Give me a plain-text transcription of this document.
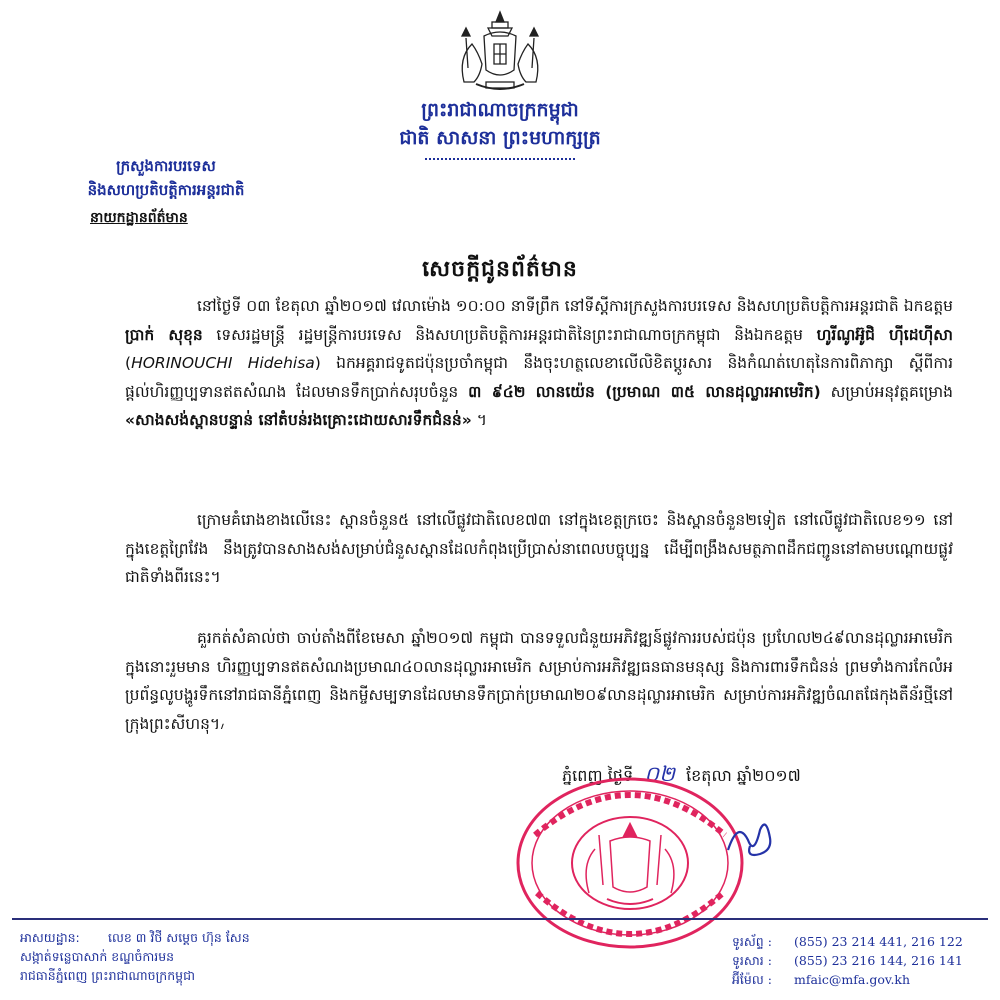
ព្រះរាជាណាចក្រកម្ពុជា
ជាតិ សាសនា ព្រះមហាក្សត្រ
ក្រសួងការបរទេស
និងសហប្រតិបត្តិការអន្តរជាតិ
នាយកដ្ឋានព័ត៌មាន
សេចក្ដីជូនព័ត៌មាន
នៅថ្ងៃទី ០៣ ខែតុលា ឆ្នាំ២០១៧ វេលាម៉ោង ១០:០០ នាទីព្រឹក នៅទីស្ដីការក្រសួងការបរទេស និងសហប្រតិបត្តិការអន្តរជាតិ ឯកឧត្តម ប្រាក់ សុខុន ទេសរដ្ឋមន្ត្រី រដ្ឋមន្ត្រីការបរទេស និងសហប្រតិបត្តិការអន្តរជាតិនៃព្រះរាជាណាចក្រកម្ពុជា និងឯកឧត្តម ហូរីណូអ៊ូជិ ហ៊ីដេហ៊ីសា (HORINOUCHI Hidehisa) ឯកអគ្គរាជទូតជប៉ុនប្រចាំកម្ពុជា នឹងចុះហត្ថលេខាលើលិខិតប្ដូរសារ និងកំណត់ហេតុនៃការពិភាក្សា ស្ដីពីការផ្ដល់ហិរញ្ញប្បទានឥតសំណង ដែលមានទឹកប្រាក់សរុបចំនួន ៣ ៩៤២ លានយ៉េន (ប្រមាណ ៣៥ លានដុល្លារអាមេរិក) សម្រាប់អនុវត្តគម្រោង «សាងសង់ស្ពានបន្ទាន់ នៅតំបន់រងគ្រោះដោយសារទឹកជំនន់» ។
ក្រោមគំរោងខាងលើនេះ ស្ពានចំនួន៥ នៅលើផ្លូវជាតិលេខ៧៣ នៅក្នុងខេត្តក្រចេះ និងស្ពានចំនួន២ទៀត នៅលើផ្លូវជាតិលេខ១១ នៅក្នុងខេត្តព្រៃវែង នឹងត្រូវបានសាងសង់សម្រាប់ជំនួសស្ពានដែលកំពុងប្រើប្រាស់នាពេលបច្ចុប្បន្ន ដើម្បីពង្រឹងសមត្ថភាពដឹកជញ្ជូននៅតាមបណ្ដោយផ្លូវជាតិទាំងពីរនេះ។
គួរកត់សំគាល់ថា ចាប់តាំងពីខែមេសា ឆ្នាំ២០១៧ កម្ពុជា បានទទួលជំនួយអភិវឌ្ឍន៍ផ្លូវការរបស់ជប៉ុន ប្រហែល២៤៩លានដុល្លារអាមេរិក ក្នុងនោះរួមមាន ហិរញ្ញប្បទានឥតសំណងប្រមាណ៤០លានដុល្លារអាមេរិក សម្រាប់ការអភិវឌ្ឍធនធានមនុស្ស និងការពារទឹកជំនន់ ព្រមទាំងការកែលំអប្រព័ន្ធលូបង្ហូរទឹកនៅរាជធានីភ្នំពេញ និងកម្ចីសម្បទានដែលមានទឹកប្រាក់ប្រមាណ២០៩លានដុល្លារអាមេរិក សម្រាប់ការអភិវឌ្ឍចំណតផែកុងតឺន័រថ្មីនៅក្រុងព្រះសីហនុ។៸
ភ្នំពេញ ថ្ងៃទី ០២ ខែតុលា ឆ្នាំ២០១៧
អាសយដ្ឋាន: លេខ ៣ វិថី សម្ដេច ហ៊ុន សែន
សង្កាត់ទន្លេបាសាក់ ខណ្ឌចំការមន
រាជធានីភ្នំពេញ ព្រះរាជាណាចក្រកម្ពុជា
ទូរស័ព្ទ : (855) 23 214 441, 216 122
ទូរសារ : (855) 23 216 144, 216 141
អ៊ីម៉ែល : mfaic@mfa.gov.kh
